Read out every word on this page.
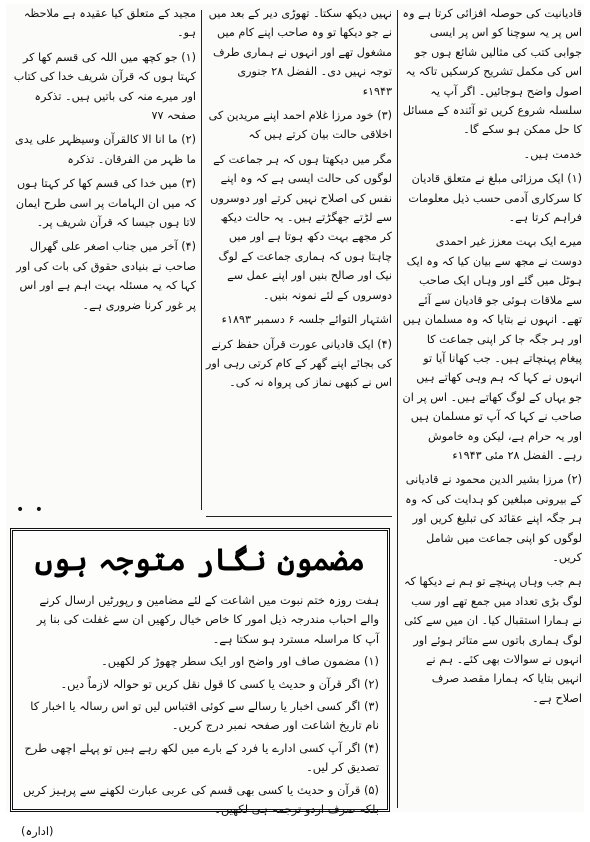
قادیانیت کی حوصلہ افزائی کرتا ہے وہ اس پر یہ سوچنا کو اس پر ایسی جوابی کتب کی مثالیں شائع ہوں جو اس کی مکمل تشریح کرسکیں تاکہ یہ اصول واضح ہوجائیں۔ اگر آپ یہ سلسلہ شروع کریں تو آئندہ کے مسائل کا حل ممکن ہو سکے گا۔

خدمت ہیں۔

(۱) ایک مرزائی مبلغ نے متعلق قادیان کا سرکاری آدمی حسب ذیل معلومات فراہم کرتا ہے۔

میرے ایک بہت معزز غیر احمدی دوست نے مجھ سے بیان کیا کہ وہ ایک ہوٹل میں گئے اور وہاں ایک صاحب سے ملاقات ہوئی جو قادیان سے آئے تھے۔ انہوں نے بتایا کہ وہ مسلمان ہیں اور ہر جگہ جا کر اپنی جماعت کا پیغام پہنچاتے ہیں۔ جب کھانا آیا تو انہوں نے کہا کہ ہم وہی کھاتے ہیں جو یہاں کے لوگ کھاتے ہیں۔ اس پر ان صاحب نے کہا کہ آپ تو مسلمان ہیں اور یہ حرام ہے، لیکن وہ خاموش رہے۔ الفضل ۲۸ مئی ۱۹۴۳ء

(۲) مرزا بشیر الدین محمود نے قادیانی کے بیرونی مبلغین کو ہدایت کی کہ وہ ہر جگہ اپنے عقائد کی تبلیغ کریں اور لوگوں کو اپنی جماعت میں شامل کریں۔

ہم جب وہاں پہنچے تو ہم نے دیکھا کہ لوگ بڑی تعداد میں جمع تھے اور سب نے ہمارا استقبال کیا۔ ان میں سے کئی لوگ ہماری باتوں سے متاثر ہوئے اور انہوں نے سوالات بھی کئے۔ ہم نے انہیں بتایا کہ ہمارا مقصد صرف اصلاح ہے۔

نہیں دیکھ سکتا۔ تھوڑی دیر کے بعد میں نے جو دیکھا تو وہ صاحب اپنے کام میں مشغول تھے اور انہوں نے ہماری طرف توجہ نہیں دی۔ الفضل ۲۸ جنوری ۱۹۴۳ء

(۳) خود مرزا غلام احمد اپنے مریدین کی اخلاقی حالت بیان کرتے ہیں کہ

مگر میں دیکھتا ہوں کہ ہر جماعت کے لوگوں کی حالت ایسی ہے کہ وہ اپنے نفس کی اصلاح نہیں کرتے اور دوسروں سے لڑتے جھگڑتے ہیں۔ یہ حالت دیکھ کر مجھے بہت دکھ ہوتا ہے اور میں چاہتا ہوں کہ ہماری جماعت کے لوگ نیک اور صالح بنیں اور اپنے عمل سے دوسروں کے لئے نمونہ بنیں۔

اشتہار التوائے جلسہ ۶ دسمبر ۱۸۹۳ء

(۴) ایک قادیانی عورت قرآن حفظ کرنے کی بجائے اپنے گھر کے کام کرتی رہی اور اس نے کبھی نماز کی پرواہ نہ کی۔

مجید کے متعلق کیا عقیدہ ہے ملاحظہ ہو۔

(۱) جو کچھ میں اللہ کی قسم کھا کر کہتا ہوں کہ قرآن شریف خدا کی کتاب اور میرے منہ کی باتیں ہیں۔ تذکرہ صفحہ ۷۷

(۲) ما انا الا کالقرآن وسیظہر علی یدی ما ظہر من الفرقان۔ تذکرہ

(۳) میں خدا کی قسم کھا کر کہتا ہوں کہ میں ان الہامات پر اسی طرح ایمان لاتا ہوں جیسا کہ قرآن شریف پر۔

(۴) آخر میں جناب اصغر علی گھرال صاحب نے بنیادی حقوق کی بات کی اور کہا کہ یہ مسئلہ بہت اہم ہے اور اس پر غور کرنا ضروری ہے۔

• •
مضمون نگار متوجہ ہوں

ہفت روزہ ختم نبوت میں اشاعت کے لئے مضامین و رپورٹیں ارسال کرنے والے احباب مندرجہ ذیل امور کا خاص خیال رکھیں ان سے غفلت کی بنا پر آپ کا مراسلہ مسترد ہو سکتا ہے۔

(۱) مضمون صاف اور واضح اور ایک سطر چھوڑ کر لکھیں۔

(۲) اگر قرآن و حدیث یا کسی کا قول نقل کریں تو حوالہ لازماً دیں۔

(۳) اگر کسی اخبار یا رسالے سے کوئی اقتباس لیں تو اس رسالہ یا اخبار کا نام تاریخ اشاعت اور صفحہ نمبر درج کریں۔

(۴) اگر آپ کسی ادارے یا فرد کے بارے میں لکھ رہے ہیں تو پہلے اچھی طرح تصدیق کر لیں۔

(۵) قرآن و حدیث یا کسی بھی قسم کی عربی عبارت لکھنے سے پرہیز کریں بلکہ صرف اردو ترجمہ ہی لکھیں۔

(ادارہ)
